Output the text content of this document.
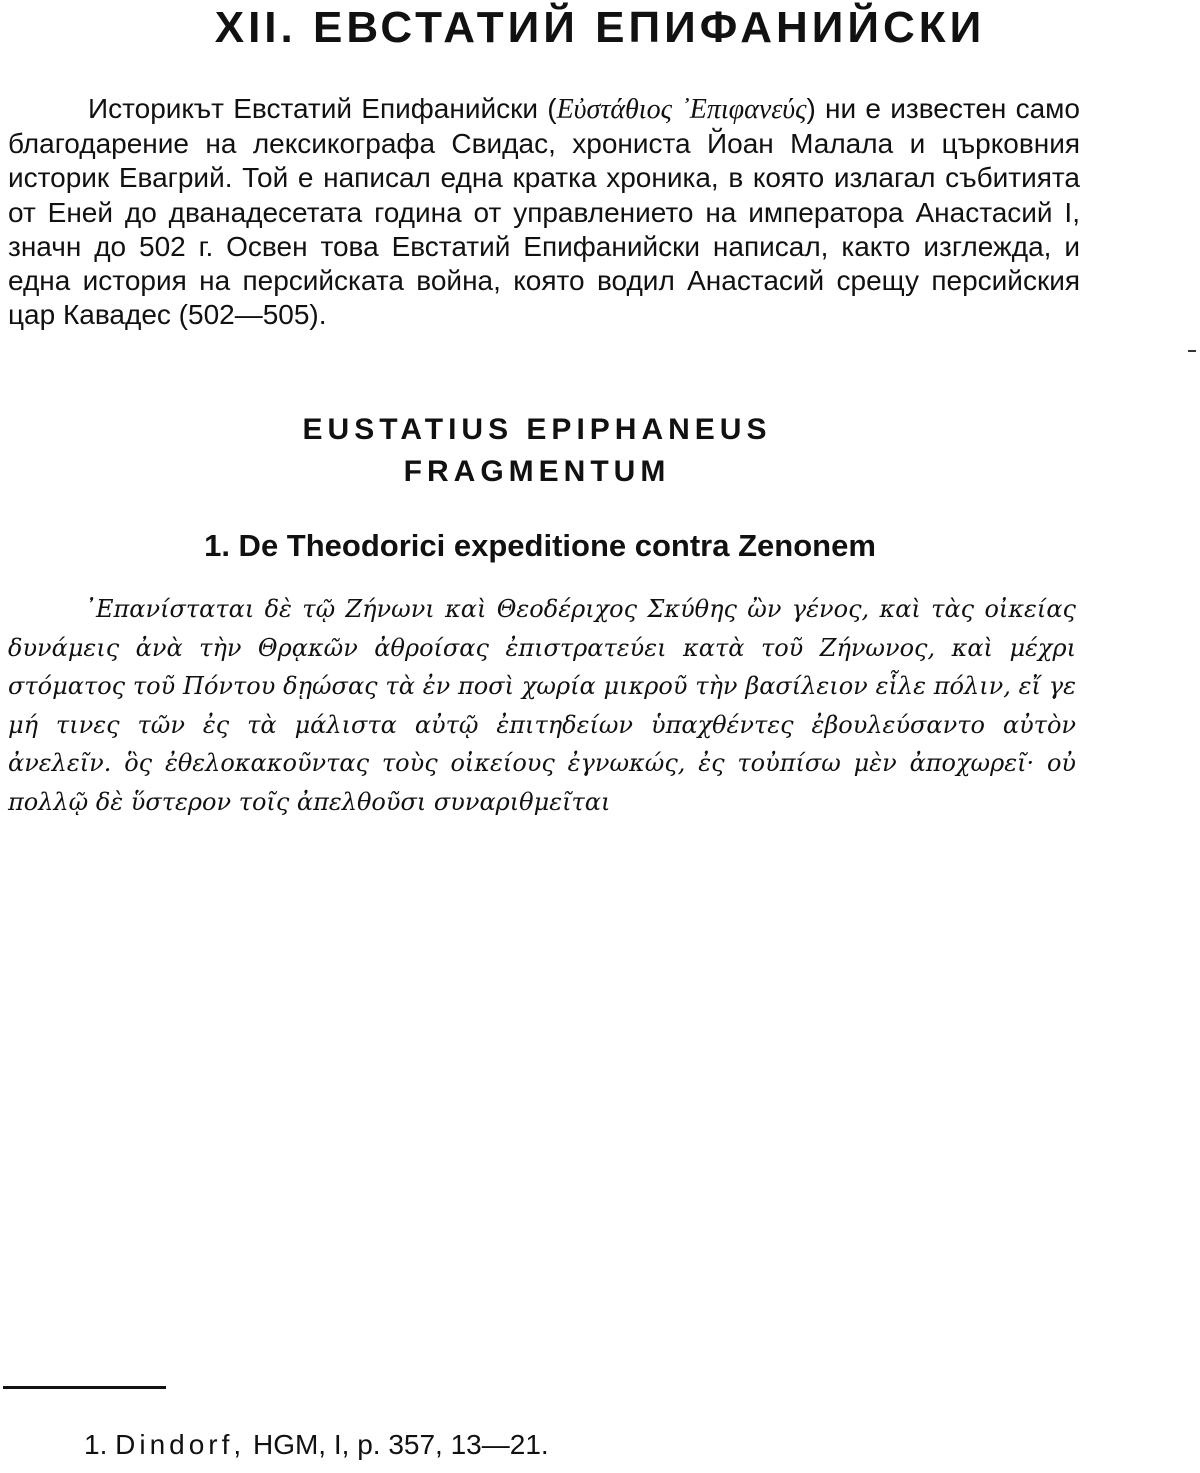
XII. ЕВСТАТИЙ ЕПИФАНИЙСКИ

Историкът Евстатий Епифанийски (Εὐστάθιος ᾽Επιφανεύς) ни е известен само благодарение на лексикографа Свидас, хрониста Йоан Малала и църковния историк Евагрий. Той е написал една кратка хроника, в която излагал събитията от Еней до дванадесетата година от управлението на императора Анастасий I, значн до 502 г. Освен това Евстатий Епифанийски написал, както изглежда, и една история на персийската война, която водил Анастасий срещу персийския цар Кавадес (502—505).

EUSTATIUS EPIPHANEUS
FRAGMENTUM
1. De Theodorici expeditione contra Zenonem

᾽Επανίσταται δὲ τῷ Ζήνωνι καὶ Θεοδέριχος Σκύθης ὢν γένος, καὶ τὰς οἰκείας δυνάμεις ἀνὰ τὴν Θρᾳκῶν ἀθροίσας ἐπιστρατεύει κατὰ τοῦ Ζήνωνος, καὶ μέχρι στόματος τοῦ Πόντου δῃώσας τὰ ἐν ποσὶ χωρία μικροῦ τὴν βασίλειον εἷλε πόλιν, εἴ γε μή τινες τῶν ἐς τὰ μάλιστα αὐτῷ ἐπιτηδείων ὑπαχθέντες ἐβουλεύσαντο αὐτὸν ἀνελεῖν. ὃς ἐθελοκακοῦντας τοὺς οἰκείους ἐγνωκώς, ἐς τοὐπίσω μὲν ἀποχωρεῖ· οὐ πολλῷ δὲ ὕστερον τοῖς ἀπελθοῦσι συναριθμεῖται

1. Dindorf, HGM, I, p. 357, 13—21.
